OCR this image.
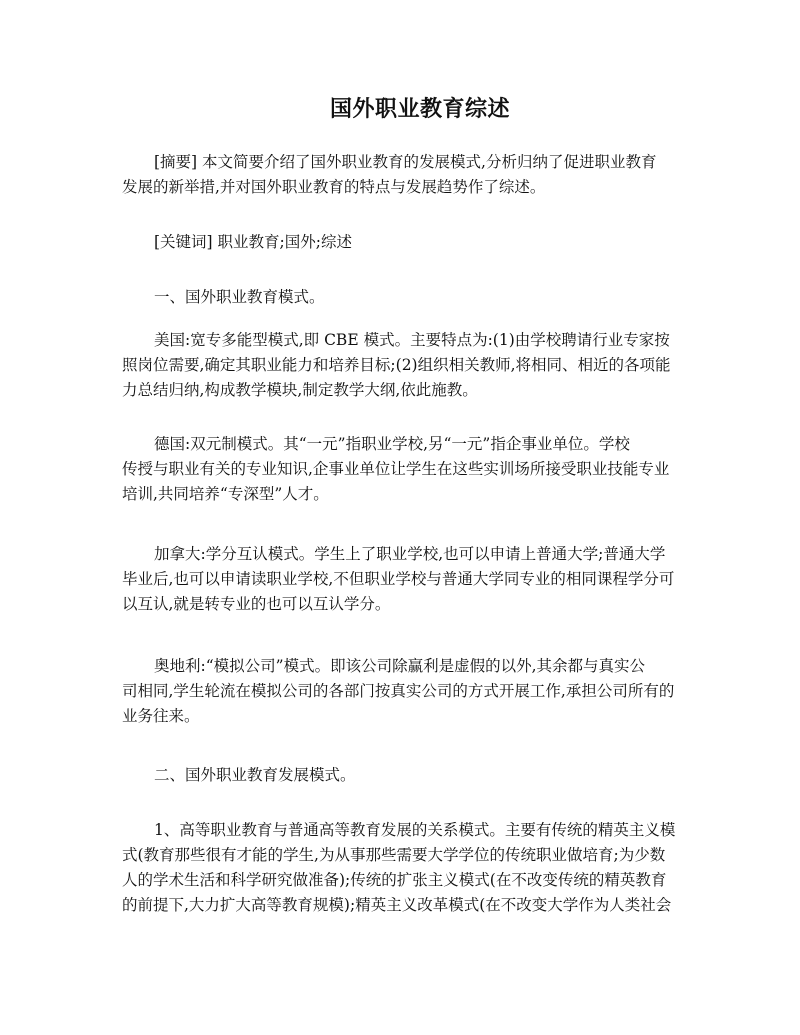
国外职业教育综述

[摘要] 本文简要介绍了国外职业教育的发展模式,分析归纳了促进职业教育
发展的新举措,并对国外职业教育的特点与发展趋势作了综述。

[关键词] 职业教育;国外;综述

一、国外职业教育模式。

美国:宽专多能型模式,即 CBE 模式。主要特点为:(1)由学校聘请行业专家按
照岗位需要,确定其职业能力和培养目标;(2)组织相关教师,将相同、相近的各项能
力总结归纳,构成教学模块,制定教学大纲,依此施教。

德国:双元制模式。其“一元”指职业学校,另“一元”指企事业单位。学校
传授与职业有关的专业知识,企事业单位让学生在这些实训场所接受职业技能专业
培训,共同培养“专深型”人才。

加拿大:学分互认模式。学生上了职业学校,也可以申请上普通大学;普通大学
毕业后,也可以申请读职业学校,不但职业学校与普通大学同专业的相同课程学分可
以互认,就是转专业的也可以互认学分。

奥地利:“模拟公司”模式。即该公司除赢利是虚假的以外,其余都与真实公
司相同,学生轮流在模拟公司的各部门按真实公司的方式开展工作,承担公司所有的
业务往来。

二、国外职业教育发展模式。

1、高等职业教育与普通高等教育发展的关系模式。主要有传统的精英主义模
式(教育那些很有才能的学生,为从事那些需要大学学位的传统职业做培育;为少数
人的学术生活和科学研究做准备);传统的扩张主义模式(在不改变传统的精英教育
的前提下,大力扩大高等教育规模);精英主义改革模式(在不改变大学作为人类社会
